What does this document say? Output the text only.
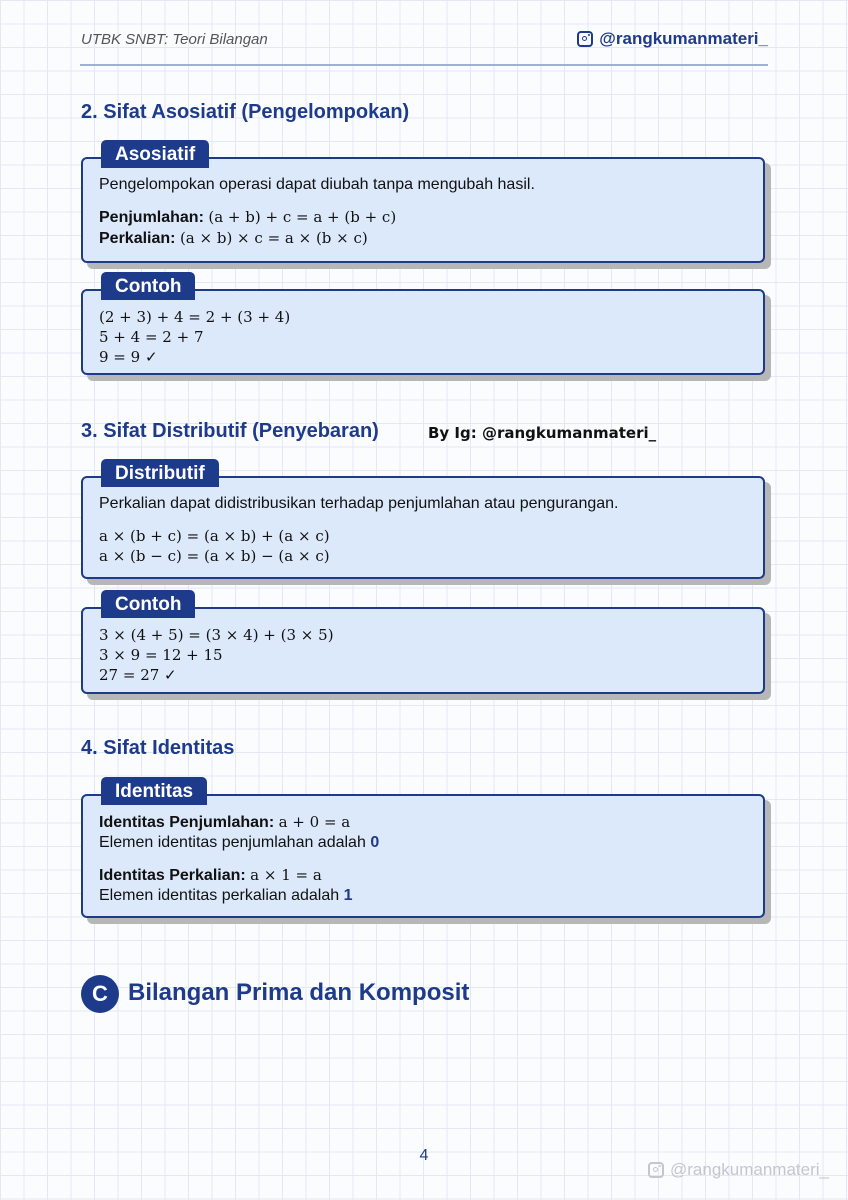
UTBK SNBT: Teori Bilangan	@rangkumanmateri_
2. Sifat Asosiatif (Pengelompokan)
Asosiatif
Pengelompokan operasi dapat diubah tanpa mengubah hasil.
Penjumlahan: (a + b) + c = a + (b + c)
Perkalian: (a × b) × c = a × (b × c)
Contoh
(2 + 3) + 4 = 2 + (3 + 4)
5 + 4 = 2 + 7
9 = 9 ✓
3. Sifat Distributif (Penyebaran)	By Ig: @rangkumanmateri_
Distributif
Perkalian dapat didistribusikan terhadap penjumlahan atau pengurangan.
a × (b + c) = (a × b) + (a × c)
a × (b − c) = (a × b) − (a × c)
Contoh
3 × (4 + 5) = (3 × 4) + (3 × 5)
3 × 9 = 12 + 15
27 = 27 ✓
4. Sifat Identitas
Identitas
Identitas Penjumlahan: a + 0 = a
Elemen identitas penjumlahan adalah 0
Identitas Perkalian: a × 1 = a
Elemen identitas perkalian adalah 1
C Bilangan Prima dan Komposit
4
@rangkumanmateri_
